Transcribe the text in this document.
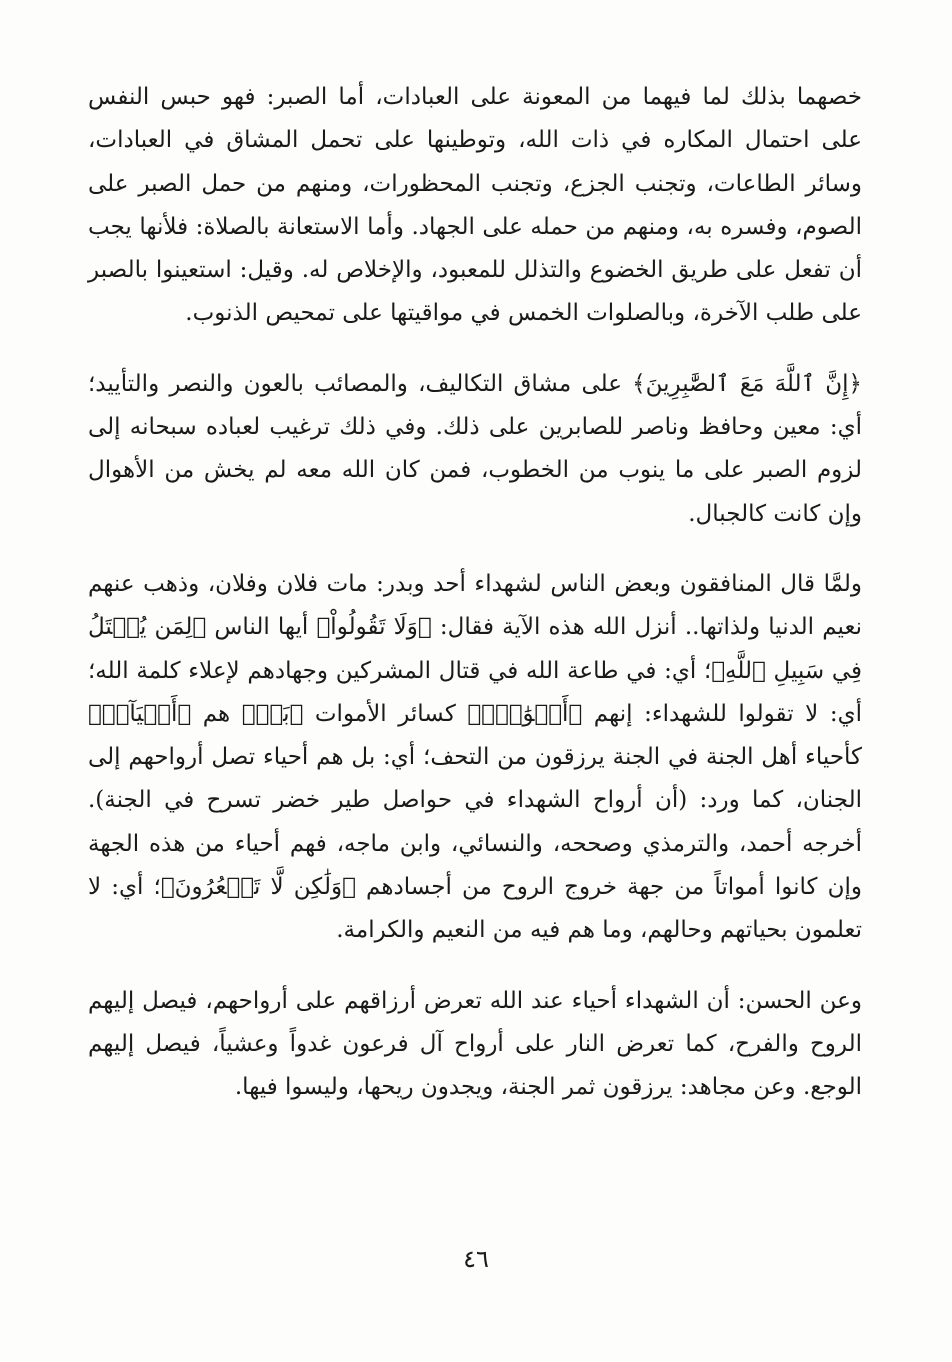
خصهما بذلك لما فيهما من المعونة على العبادات، أما الصبر: فهو حبس النفس على احتمال المكاره في ذات الله، وتوطينها على تحمل المشاق في العبادات، وسائر الطاعات، وتجنب الجزع، وتجنب المحظورات، ومنهم من حمل الصبر على الصوم، وفسره به، ومنهم من حمله على الجهاد. وأما الاستعانة بالصلاة: فلأنها يجب أن تفعل على طريق الخضوع والتذلل للمعبود، والإخلاص له. وقيل: استعينوا بالصبر على طلب الآخرة، وبالصلوات الخمس في مواقيتها على تمحيص الذنوب.

﴿إِنَّ ٱللَّهَ مَعَ ٱلصَّٰبِرِينَ﴾ على مشاق التكاليف، والمصائب بالعون والنصر والتأييد؛ أي: معين وحافظ وناصر للصابرين على ذلك. وفي ذلك ترغيب لعباده سبحانه إلى لزوم الصبر على ما ينوب من الخطوب، فمن كان الله معه لم يخش من الأهوال وإن كانت كالجبال.

ولمَّا قال المنافقون وبعض الناس لشهداء أحد وبدر: مات فلان وفلان، وذهب عنهم نعيم الدنيا ولذاتها.. أنزل الله هذه الآية فقال: ﴿وَلَا تَقُولُواْ﴾ أيها الناس ﴿لِمَن يُقۡتَلُ فِي سَبِيلِ ٱللَّهِ﴾؛ أي: في طاعة الله في قتال المشركين وجهادهم لإعلاء كلمة الله؛ أي: لا تقولوا للشهداء: إنهم ﴿أَمۡوَٰتُۢ﴾ كسائر الأموات ﴿بَلۡ﴾ هم ﴿أَحۡيَآءٞ﴾ كأحياء أهل الجنة في الجنة يرزقون من التحف؛ أي: بل هم أحياء تصل أرواحهم إلى الجنان، كما ورد: (أن أرواح الشهداء في حواصل طير خضر تسرح في الجنة). أخرجه أحمد، والترمذي وصححه، والنسائي، وابن ماجه، فهم أحياء من هذه الجهة وإن كانوا أمواتاً من جهة خروج الروح من أجسادهم ﴿وَلَٰكِن لَّا تَشۡعُرُونَ﴾؛ أي: لا تعلمون بحياتهم وحالهم، وما هم فيه من النعيم والكرامة.

وعن الحسن: أن الشهداء أحياء عند الله تعرض أرزاقهم على أرواحهم، فيصل إليهم الروح والفرح، كما تعرض النار على أرواح آل فرعون غدواً وعشياً، فيصل إليهم الوجع. وعن مجاهد: يرزقون ثمر الجنة، ويجدون ريحها، وليسوا فيها.

٤٦
